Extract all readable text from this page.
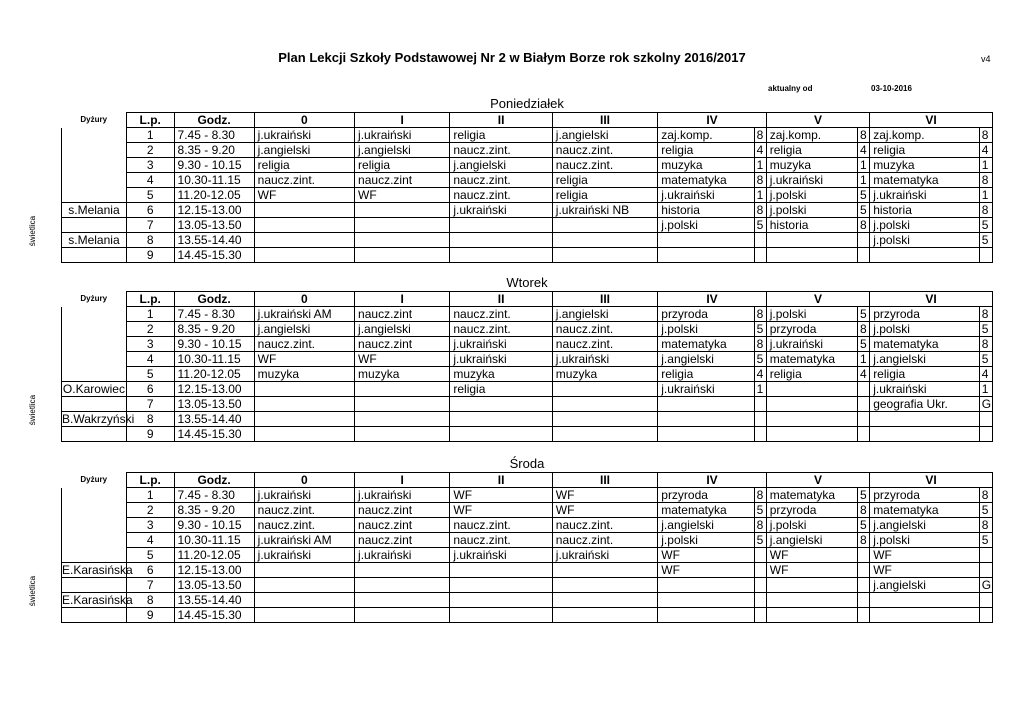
Plan Lekcji Szkoły Podstawowej Nr 2 w Białym Borze rok szkolny 2016/2017	v4
aktualny od	03-10-2016
Poniedziałek
Dyżury	L.p.	Godz.	0	I	II	III	IV		V		VI	
	1	7.45 - 8.30	j.ukraiński	j.ukraiński	religia	j.angielski	zaj.komp.	8	zaj.komp.	8	zaj.komp.	8
	2	8.35 - 9.20	j.angielski	j.angielski	naucz.zint.	naucz.zint.	religia	4	religia	4	religia	4
	3	9.30 - 10.15	religia	religia	j.angielski	naucz.zint.	muzyka	1	muzyka	1	muzyka	1
	4	10.30-11.15	naucz.zint.	naucz.zint	naucz.zint.	religia	matematyka	8	j.ukraiński	1	matematyka	8
	5	11.20-12.05	WF	WF	naucz.zint.	religia	j.ukraiński	1	j.polski	5	j.ukraiński	1
s.Melania	6	12.15-13.00			j.ukraiński	j.ukraiński NB	historia	8	j.polski	5	historia	8
	7	13.05-13.50					j.polski	5	historia	8	j.polski	5
s.Melania	8	13.55-14.40									j.polski	5
	9	14.45-15.30										
świetlica
Wtorek
Dyżury	L.p.	Godz.	0	I	II	III	IV		V		VI	
	1	7.45 - 8.30	j.ukraiński AM	naucz.zint	naucz.zint.	j.angielski	przyroda	8	j.polski	5	przyroda	8
	2	8.35 - 9.20	j.angielski	j.angielski	naucz.zint.	naucz.zint.	j.polski	5	przyroda	8	j.polski	5
	3	9.30 - 10.15	naucz.zint.	naucz.zint	j.ukraiński	naucz.zint.	matematyka	8	j.ukraiński	5	matematyka	8
	4	10.30-11.15	WF	WF	j.ukraiński	j.ukraiński	j.angielski	5	matematyka	1	j.angielski	5
	5	11.20-12.05	muzyka	muzyka	muzyka	muzyka	religia	4	religia	4	religia	4
O.Karowiec	6	12.15-13.00			religia		j.ukraiński	1			j.ukraiński	1
	7	13.05-13.50									geografia Ukr.	G
B.Wakrzyński	8	13.55-14.40										
	9	14.45-15.30										
świetlica
Środa
Dyżury	L.p.	Godz.	0	I	II	III	IV		V		VI	
	1	7.45 - 8.30	j.ukraiński	j.ukraiński	WF	WF	przyroda	8	matematyka	5	przyroda	8
	2	8.35 - 9.20	naucz.zint.	naucz.zint	WF	WF	matematyka	5	przyroda	8	matematyka	5
	3	9.30 - 10.15	naucz.zint.	naucz.zint	naucz.zint.	naucz.zint.	j.angielski	8	j.polski	5	j.angielski	8
	4	10.30-11.15	j.ukraiński AM	naucz.zint	naucz.zint.	naucz.zint.	j.polski	5	j.angielski	8	j.polski	5
	5	11.20-12.05	j.ukraiński	j.ukraiński	j.ukraiński	j.ukraiński	WF		WF		WF	
E.Karasińska	6	12.15-13.00					WF		WF		WF	
	7	13.05-13.50									j.angielski	G
E.Karasińska	8	13.55-14.40										
	9	14.45-15.30										
świetlica
